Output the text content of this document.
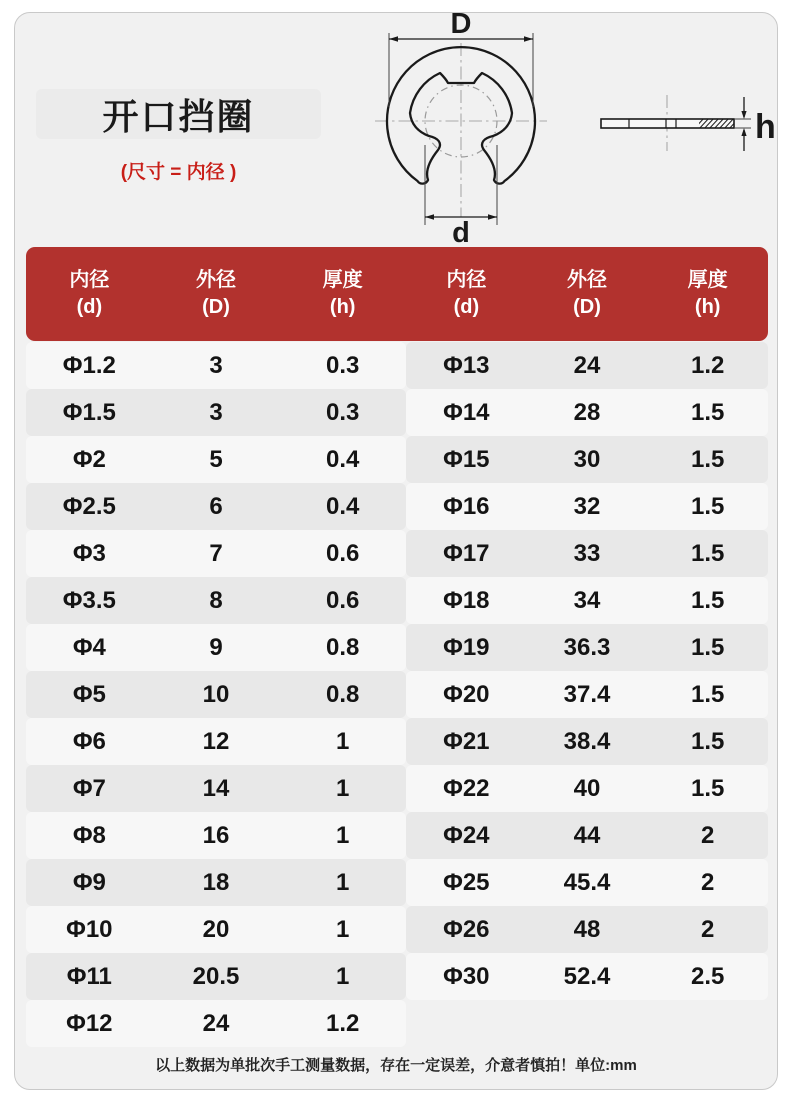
开口挡圈
(尺寸 = 内径 )
D
d
h
内径
(d)
外径
(D)
厚度
(h)
内径
(d)
外径
(D)
厚度
(h)
Φ1.2	3	0.3
Φ1.5	3	0.3
Φ2	5	0.4
Φ2.5	6	0.4
Φ3	7	0.6
Φ3.5	8	0.6
Φ4	9	0.8
Φ5	10	0.8
Φ6	12	1
Φ7	14	1
Φ8	16	1
Φ9	18	1
Φ10	20	1
Φ11	20.5	1
Φ12	24	1.2
Φ13	24	1.2
Φ14	28	1.5
Φ15	30	1.5
Φ16	32	1.5
Φ17	33	1.5
Φ18	34	1.5
Φ19	36.3	1.5
Φ20	37.4	1.5
Φ21	38.4	1.5
Φ22	40	1.5
Φ24	44	2
Φ25	45.4	2
Φ26	48	2
Φ30	52.4	2.5
以上数据为单批次手工测量数据，存在一定误差，介意者慎拍！单位:mm
